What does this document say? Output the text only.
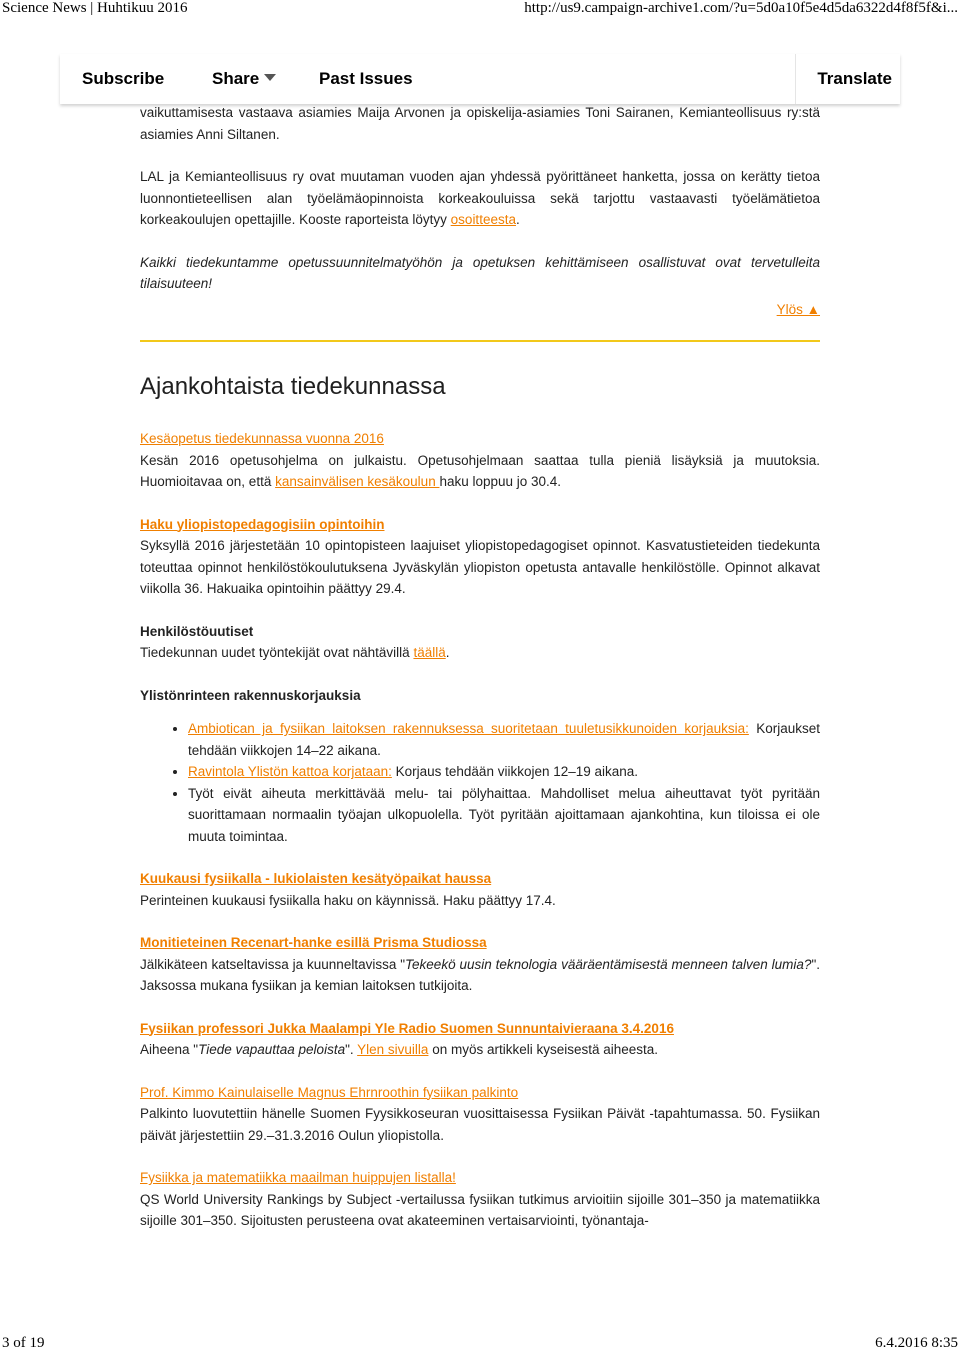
Science News | Huhtikuu 2016	http://us9.campaign-archive1.com/?u=5d0a10f5e4d5da6322d4f8f5f&i...

vaikuttamisesta vastaava asiamies Maija Arvonen ja opiskelija-asiamies Toni Sairanen, Kemianteollisuus ry:stä asiamies Anni Siltanen.

LAL ja Kemianteollisuus ry ovat muutaman vuoden ajan yhdessä pyörittäneet hanketta, jossa on kerätty tietoa luonnontieteellisen alan työelämäopinnoista korkeakouluissa sekä tarjottu vastaavasti työelämätietoa korkeakoulujen opettajille. Kooste raporteista löytyy osoitteesta.

Kaikki tiedekuntamme opetussuunnitelmatyöhön ja opetuksen kehittämiseen osallistuvat ovat tervetulleita tilaisuuteen!

Ylös ▲
Ajankohtaista tiedekunnassa
Kesäopetus tiedekunnassa vuonna 2016

Kesän 2016 opetusohjelma on julkaistu. Opetusohjelmaan saattaa tulla pieniä lisäyksiä ja muutoksia. Huomioitavaa on, että kansainvälisen kesäkoulun haku loppuu jo 30.4.

Haku yliopistopedagogisiin opintoihin

Syksyllä 2016 järjestetään 10 opintopisteen laajuiset yliopistopedagogiset opinnot. Kasvatustieteiden tiedekunta toteuttaa opinnot henkilöstökoulutuksena Jyväskylän yliopiston opetusta antavalle henkilöstölle. Opinnot alkavat viikolla 36. Hakuaika opintoihin päättyy 29.4.

Henkilöstöuutiset

Tiedekunnan uudet työntekijät ovat nähtävillä täällä.

Ylistönrinteen rakennuskorjauksia
• Ambiotican ja fysiikan laitoksen rakennuksessa suoritetaan tuuletusikkunoiden korjauksia: Korjaukset tehdään viikkojen 14–22 aikana.
• Ravintola Ylistön kattoa korjataan: Korjaus tehdään viikkojen 12–19 aikana.
• Työt eivät aiheuta merkittävää melu- tai pölyhaittaa. Mahdolliset melua aiheuttavat työt pyritään suorittamaan normaalin työajan ulkopuolella. Työt pyritään ajoittamaan ajankohtina, kun tiloissa ei ole muuta toimintaa.
Kuukausi fysiikalla - lukiolaisten kesätyöpaikat haussa

Perinteinen kuukausi fysiikalla haku on käynnissä. Haku päättyy 17.4.

Monitieteinen Recenart-hanke esillä Prisma Studiossa

Jälkikäteen katseltavissa ja kuunneltavissa "Tekeekö uusin teknologia vääräentämisestä menneen talven lumia?". Jaksossa mukana fysiikan ja kemian laitoksen tutkijoita.

Fysiikan professori Jukka Maalampi Yle Radio Suomen Sunnuntaivieraana 3.4.2016

Aiheena "Tiede vapauttaa peloista". Ylen sivuilla on myös artikkeli kyseisestä aiheesta.

Prof. Kimmo Kainulaiselle Magnus Ehrnroothin fysiikan palkinto

Palkinto luovutettiin hänelle Suomen Fyysikkoseuran vuosittaisessa Fysiikan Päivät -tapahtumassa. 50. Fysiikan päivät järjestettiin 29.–31.3.2016 Oulun yliopistolla.

Fysiikka ja matematiikka maailman huippujen listalla!

QS World University Rankings by Subject -vertailussa fysiikan tutkimus arvioitiin sijoille 301–350 ja matematiikka sijoille 301–350. Sijoitusten perusteena ovat akateeminen vertaisarviointi, työnantaja-

Subscribe	Share	Past Issues	Translate
3 of 19	6.4.2016 8:35
